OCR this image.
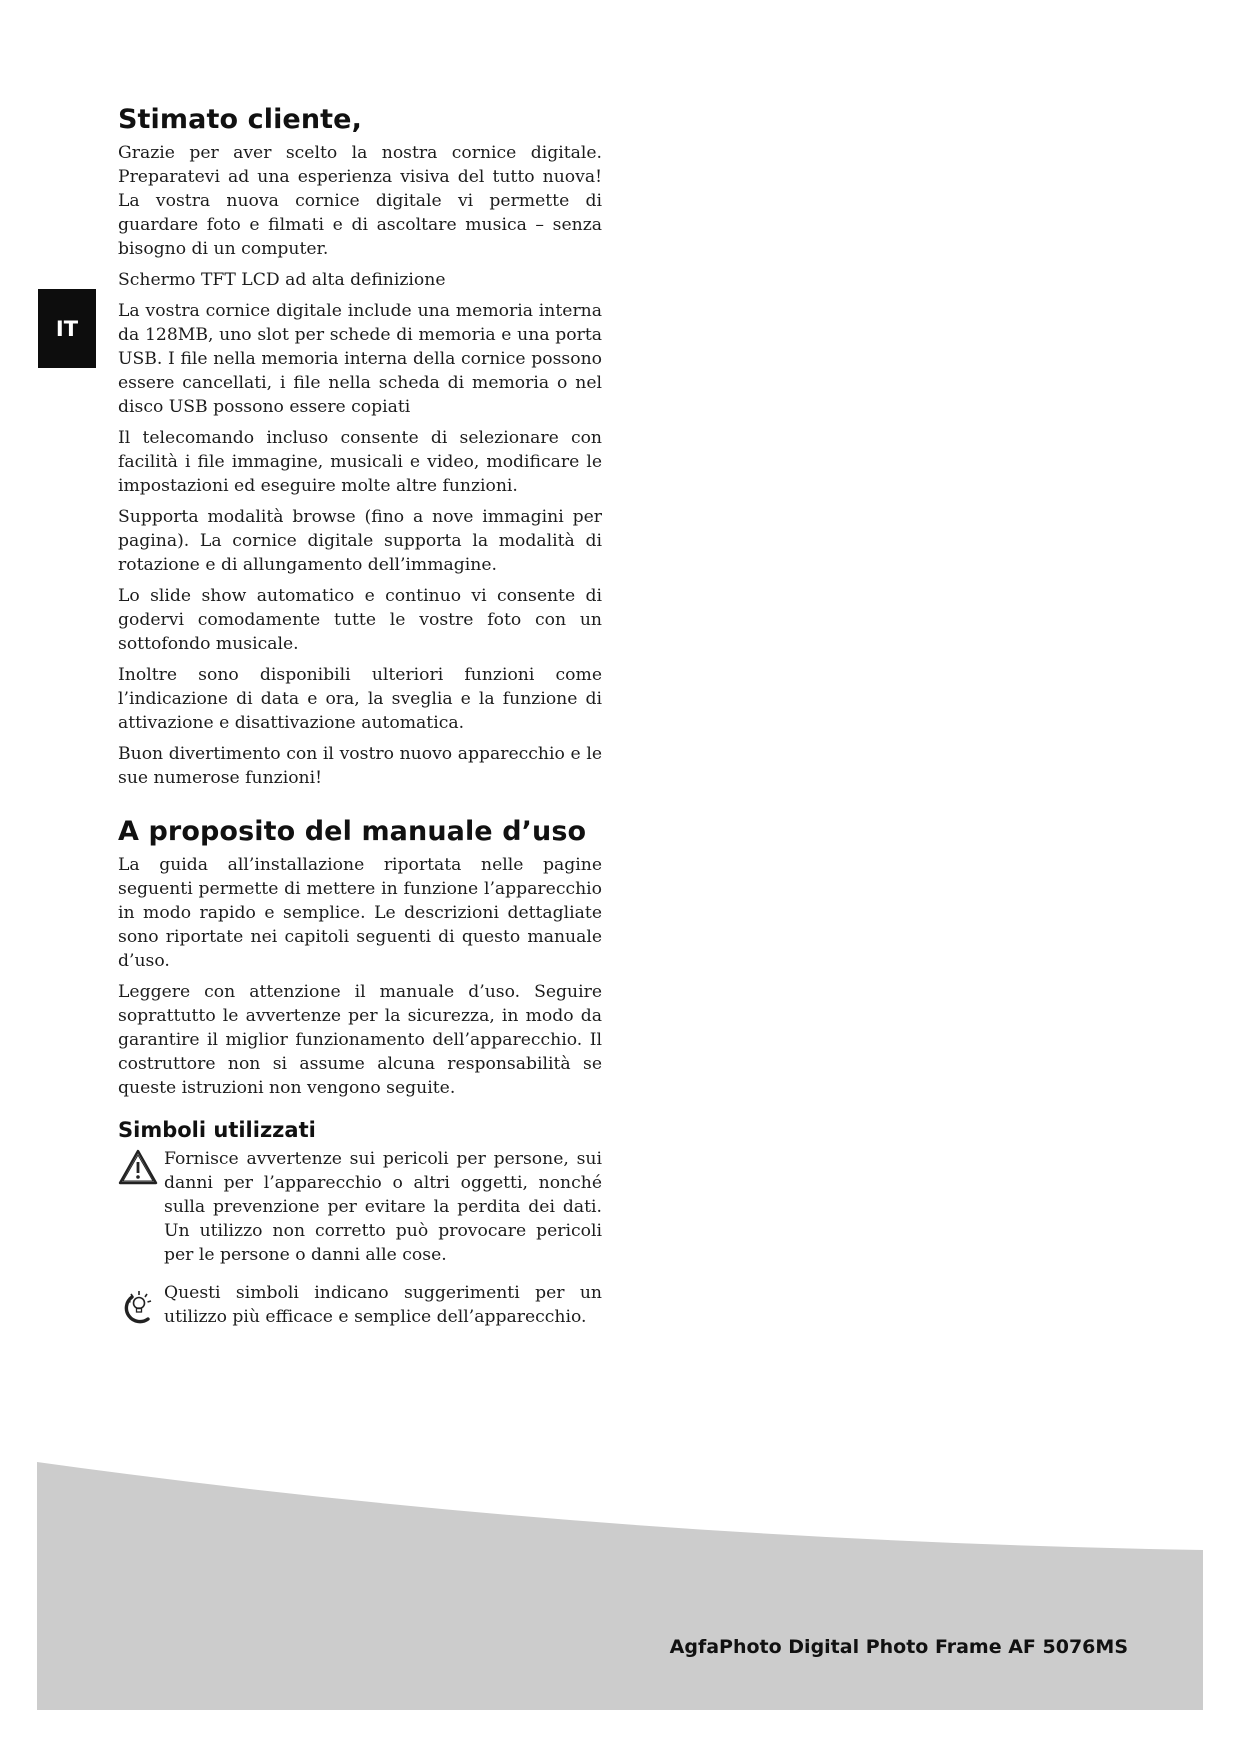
IT
Stimato cliente,

Grazie per aver scelto la nostra cornice digitale. Preparatevi ad una esperienza visiva del tutto nuova! La vostra nuova cornice digitale vi permette di guardare foto e filmati e di ascoltare musica – senza bisogno di un computer.

Schermo TFT LCD ad alta definizione

La vostra cornice digitale include una memoria interna da 128MB, uno slot per schede di memoria e una porta USB. I file nella memoria interna della cornice possono essere cancellati, i file nella scheda di memoria o nel disco USB possono essere copiati

Il telecomando incluso consente di selezionare con facilità i file immagine, musicali e video, modificare le impostazioni ed eseguire molte altre funzioni.

Supporta modalità browse (fino a nove immagini per pagina). La cornice digitale supporta la modalità di rotazione e di allungamento dell’immagine.

Lo slide show automatico e continuo vi consente di godervi comodamente tutte le vostre foto con un sottofondo musicale.

Inoltre sono disponibili ulteriori funzioni come l’indicazione di data e ora, la sveglia e la funzione di attivazione e disattivazione automatica.

Buon divertimento con il vostro nuovo apparecchio e le sue numerose funzioni!

A proposito del manuale d’uso

La guida all’installazione riportata nelle pagine seguenti permette di mettere in funzione l’apparecchio in modo rapido e semplice. Le descrizioni dettagliate sono riportate nei capitoli seguenti di questo manuale d’uso.

Leggere con attenzione il manuale d’uso. Seguire soprattutto le avvertenze per la sicurezza, in modo da garantire il miglior funzionamento dell’apparecchio. Il costruttore non si assume alcuna responsabilità se queste istruzioni non vengono seguite.

Simboli utilizzati

Fornisce avvertenze sui pericoli per persone, sui danni per l’apparecchio o altri oggetti, nonché sulla prevenzione per evitare la perdita dei dati. Un utilizzo non corretto può provocare pericoli per le persone o danni alle cose.

Questi simboli indicano suggerimenti per un utilizzo più efficace e semplice dell’apparecchio.

AgfaPhoto Digital Photo Frame AF 5076MS
